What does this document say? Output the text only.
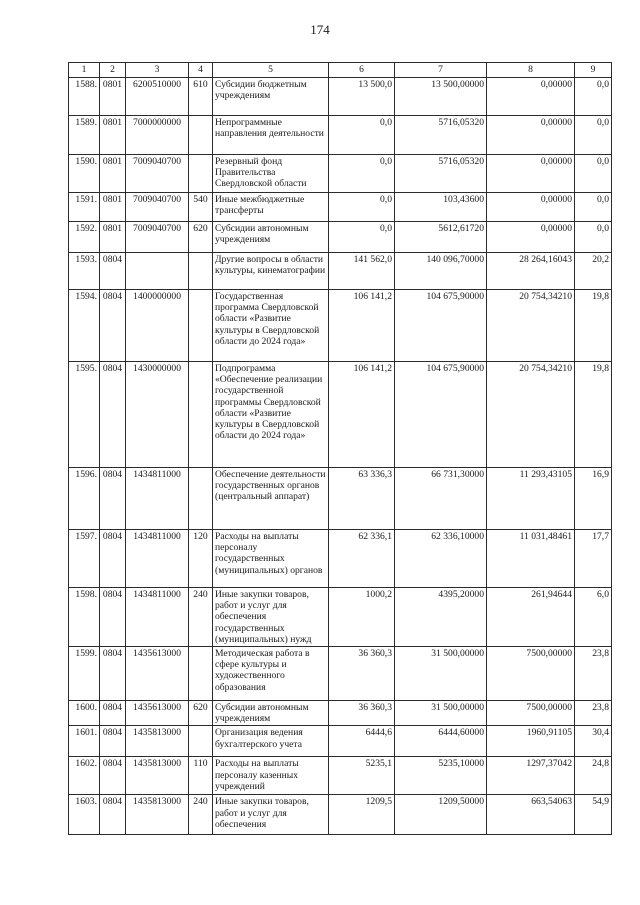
174
1	2	3	4	5	6	7	8	9
1588.	0801	6200510000	610	Субсидии бюджетным учреждениям	13 500,0	13 500,00000	0,00000	0,0
1589.	0801	7000000000		Непрограммные направления деятельности	0,0	5716,05320	0,00000	0,0
1590.	0801	7009040700		Резервный фонд Правительства Свердловской области	0,0	5716,05320	0,00000	0,0
1591.	0801	7009040700	540	Иные межбюджетные трансферты	0,0	103,43600	0,00000	0,0
1592.	0801	7009040700	620	Субсидии автономным учреждениям	0,0	5612,61720	0,00000	0,0
1593.	0804			Другие вопросы в области культуры, кинематографии	141 562,0	140 096,70000	28 264,16043	20,2
1594.	0804	1400000000		Государственная программа Свердловской области «Развитие культуры в Свердловской области до 2024 года»	106 141,2	104 675,90000	20 754,34210	19,8
1595.	0804	1430000000		Подпрограмма «Обеспечение реализации государственной программы Свердловской области «Развитие культуры в Свердловской области до 2024 года»	106 141,2	104 675,90000	20 754,34210	19,8
1596.	0804	1434811000		Обеспечение деятельности государственных органов (центральный аппарат)	63 336,3	66 731,30000	11 293,43105	16,9
1597.	0804	1434811000	120	Расходы на выплаты персоналу государственных (муниципальных) органов	62 336,1	62 336,10000	11 031,48461	17,7
1598.	0804	1434811000	240	Иные закупки товаров, работ и услуг для обеспечения государственных (муниципальных) нужд	1000,2	4395,20000	261,94644	6,0
1599.	0804	1435613000		Методическая работа в сфере культуры и художественного образования	36 360,3	31 500,00000	7500,00000	23,8
1600.	0804	1435613000	620	Субсидии автономным учреждениям	36 360,3	31 500,00000	7500,00000	23,8
1601.	0804	1435813000		Организация ведения бухгалтерского учета	6444,6	6444,60000	1960,91105	30,4
1602.	0804	1435813000	110	Расходы на выплаты персоналу казенных учреждений	5235,1	5235,10000	1297,37042	24,8
1603.	0804	1435813000	240	Иные закупки товаров, работ и услуг для обеспечения	1209,5	1209,50000	663,54063	54,9
